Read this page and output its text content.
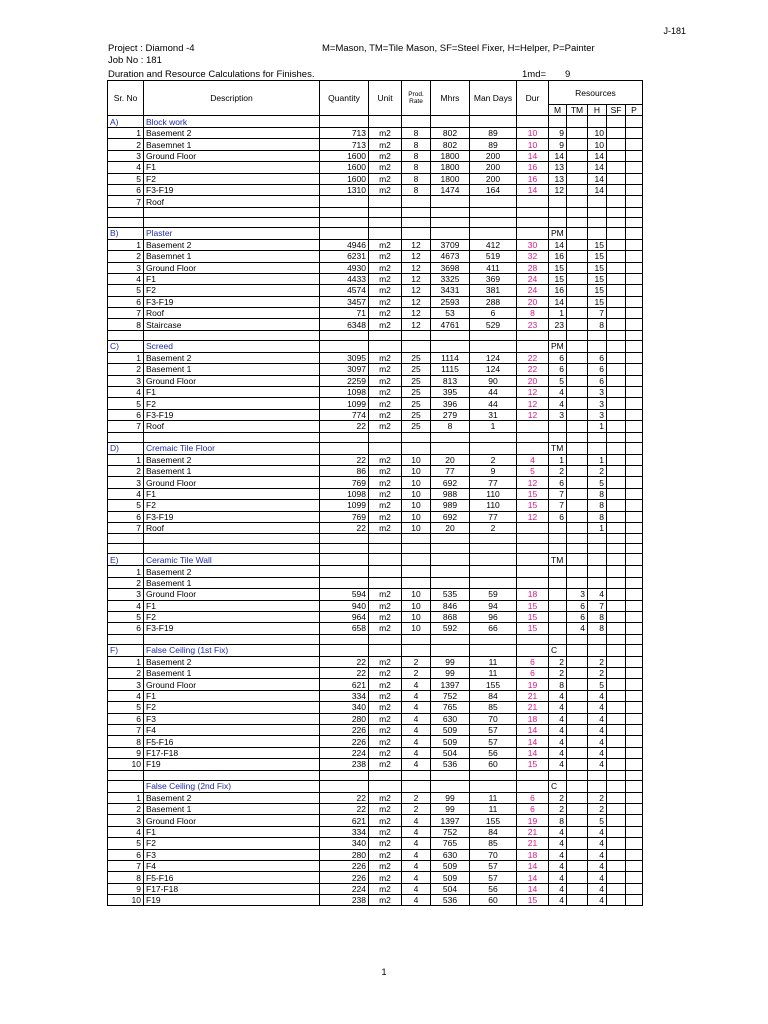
J-181
Project : Diamond -4	M=Mason, TM=Tile Mason, SF=Steel Fixer, H=Helper, P=Painter
Job No : 181
Duration and Resource Calculations for Finishes.	1md= 9
Sr. No	Description	Quantity	Unit	Prod. Rate	Mhrs	Man Days	Dur	Resources				
								M	TM	H	SF	P
A)	Block work											
1	Basement 2	713	m2	8	802	89	10	9		10		
2	Basemnet 1	713	m2	8	802	89	10	9		10		
3	Ground Floor	1600	m2	8	1800	200	14	14		14		
4	F1	1600	m2	8	1800	200	16	13		14		
5	F2	1600	m2	8	1800	200	16	13		14		
6	F3-F19	1310	m2	8	1474	164	14	12		14		
7	Roof											

B)	Plaster							PM				
1	Basement 2	4946	m2	12	3709	412	30	14		15		
2	Basemnet 1	6231	m2	12	4673	519	32	16		15		
3	Ground Floor	4930	m2	12	3698	411	28	15		15		
4	F1	4433	m2	12	3325	369	24	15		15		
5	F2	4574	m2	12	3431	381	24	16		15		
6	F3-F19	3457	m2	12	2593	288	20	14		15		
7	Roof	71	m2	12	53	6	8	1		7		
8	Staircase	6348	m2	12	4761	529	23	23		8		

C)	Screed							PM				
1	Basement 2	3095	m2	25	1114	124	22	6		6		
2	Basement 1	3097	m2	25	1115	124	22	6		6		
3	Ground Floor	2259	m2	25	813	90	20	5		6		
4	F1	1098	m2	25	395	44	12	4		3		
5	F2	1099	m2	25	396	44	12	4		3		
6	F3-F19	774	m2	25	279	31	12	3		3		
7	Roof	22	m2	25	8	1				1		

D)	Cremaic Tile Floor							TM				
1	Basement 2	22	m2	10	20	2	4	1		1		
2	Basement 1	86	m2	10	77	9	5	2		2		
3	Ground Floor	769	m2	10	692	77	12	6		5		
4	F1	1098	m2	10	988	110	15	7		8		
5	F2	1099	m2	10	989	110	15	7		8		
6	F3-F19	769	m2	10	692	77	12	6		8		
7	Roof	22	m2	10	20	2				1		

E)	Ceramic Tile Wall							TM				
1	Basement 2											
2	Basement 1											
3	Ground Floor	594	m2	10	535	59	18		3	4		
4	F1	940	m2	10	846	94	15		6	7		
5	F2	964	m2	10	868	96	15		6	8		
6	F3-F19	658	m2	10	592	66	15		4	8		

F)	False Ceiling (1st Fix)							C				
1	Basement 2	22	m2	2	99	11	6	2		2		
2	Basement 1	22	m2	2	99	11	6	2		2		
3	Ground Floor	621	m2	4	1397	155	19	8		5		
4	F1	334	m2	4	752	84	21	4		4		
5	F2	340	m2	4	765	85	21	4		4		
6	F3	280	m2	4	630	70	18	4		4		
7	F4	226	m2	4	509	57	14	4		4		
8	F5-F16	226	m2	4	509	57	14	4		4		
9	F17-F18	224	m2	4	504	56	14	4		4		
10	F19	238	m2	4	536	60	15	4		4		

	False Ceiling (2nd Fix)							C				
1	Basement 2	22	m2	2	99	11	6	2		2		
2	Basement 1	22	m2	2	99	11	6	2		2		
3	Ground Floor	621	m2	4	1397	155	19	8		5		
4	F1	334	m2	4	752	84	21	4		4		
5	F2	340	m2	4	765	85	21	4		4		
6	F3	280	m2	4	630	70	18	4		4		
7	F4	226	m2	4	509	57	14	4		4		
8	F5-F16	226	m2	4	509	57	14	4		4		
9	F17-F18	224	m2	4	504	56	14	4		4		
10	F19	238	m2	4	536	60	15	4		4		
1
